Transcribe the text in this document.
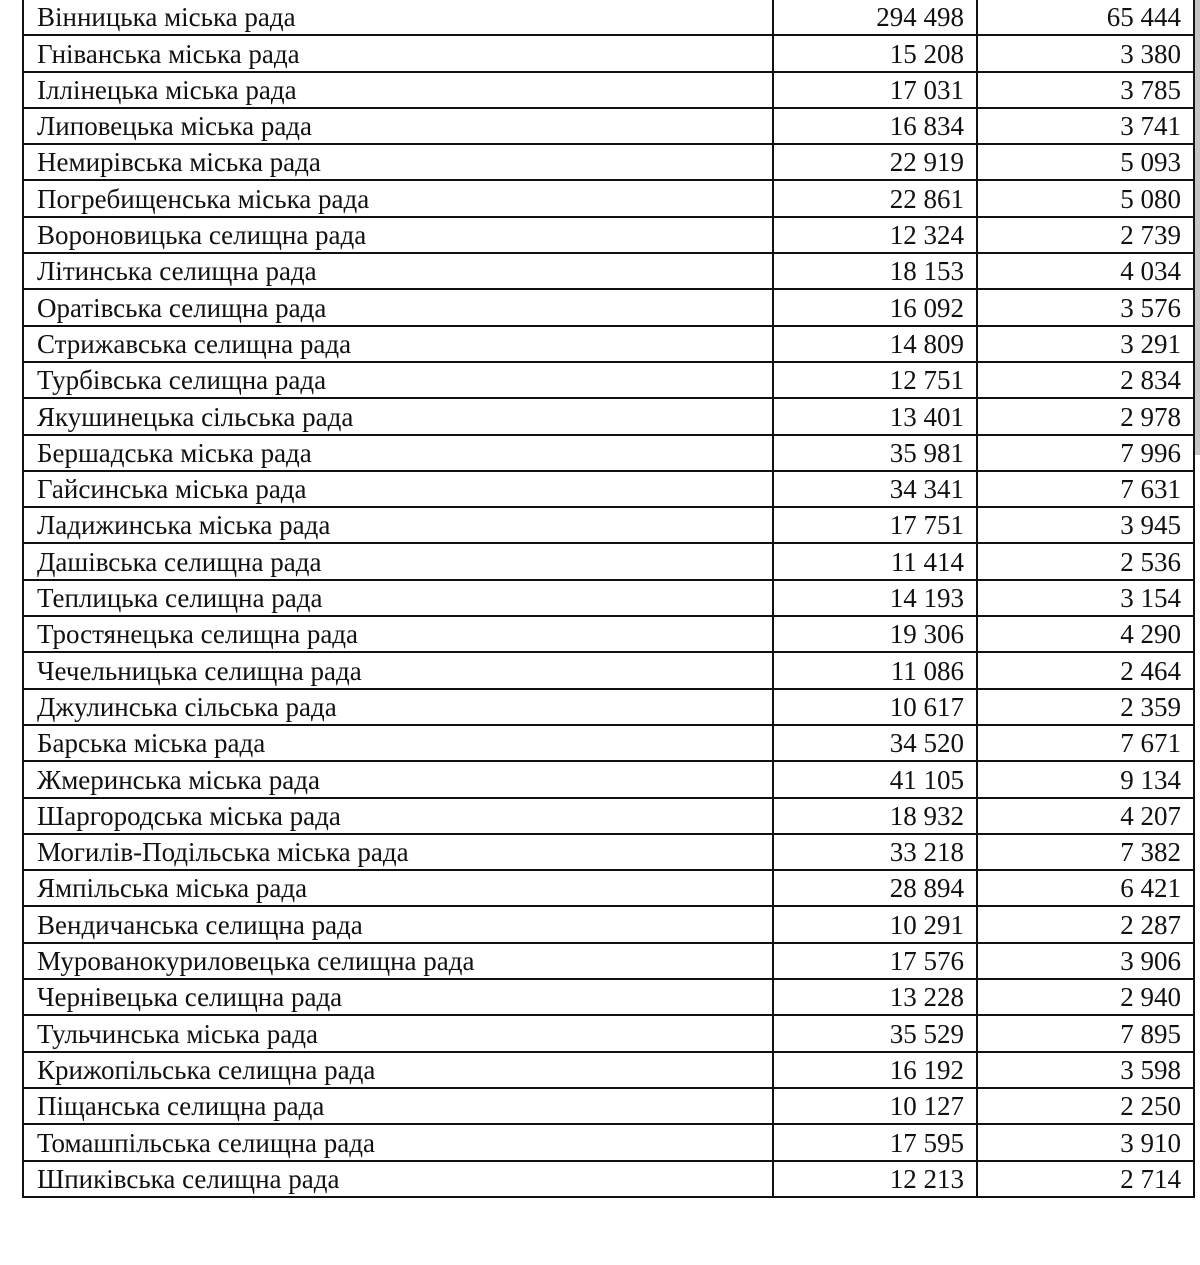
Вінницька міська рада	294 498	65 444
Гніванська міська рада	15 208	3 380
Іллінецька міська рада	17 031	3 785
Липовецька міська рада	16 834	3 741
Немирівська міська рада	22 919	5 093
Погребищенська міська рада	22 861	5 080
Вороновицька селищна рада	12 324	2 739
Літинська селищна рада	18 153	4 034
Оратівська селищна рада	16 092	3 576
Стрижавська селищна рада	14 809	3 291
Турбівська селищна рада	12 751	2 834
Якушинецька сільська рада	13 401	2 978
Бершадська міська рада	35 981	7 996
Гайсинська міська рада	34 341	7 631
Ладижинська міська рада	17 751	3 945
Дашівська селищна рада	11 414	2 536
Теплицька селищна рада	14 193	3 154
Тростянецька селищна рада	19 306	4 290
Чечельницька селищна рада	11 086	2 464
Джулинська сільська рада	10 617	2 359
Барська міська рада	34 520	7 671
Жмеринська міська рада	41 105	9 134
Шаргородська міська рада	18 932	4 207
Могилів-Подільська міська рада	33 218	7 382
Ямпільська міська рада	28 894	6 421
Вендичанська селищна рада	10 291	2 287
Мурованокуриловецька селищна рада	17 576	3 906
Чернівецька селищна рада	13 228	2 940
Тульчинська міська рада	35 529	7 895
Крижопільська селищна рада	16 192	3 598
Піщанська селищна рада	10 127	2 250
Томашпільська селищна рада	17 595	3 910
Шпиківська селищна рада	12 213	2 714
